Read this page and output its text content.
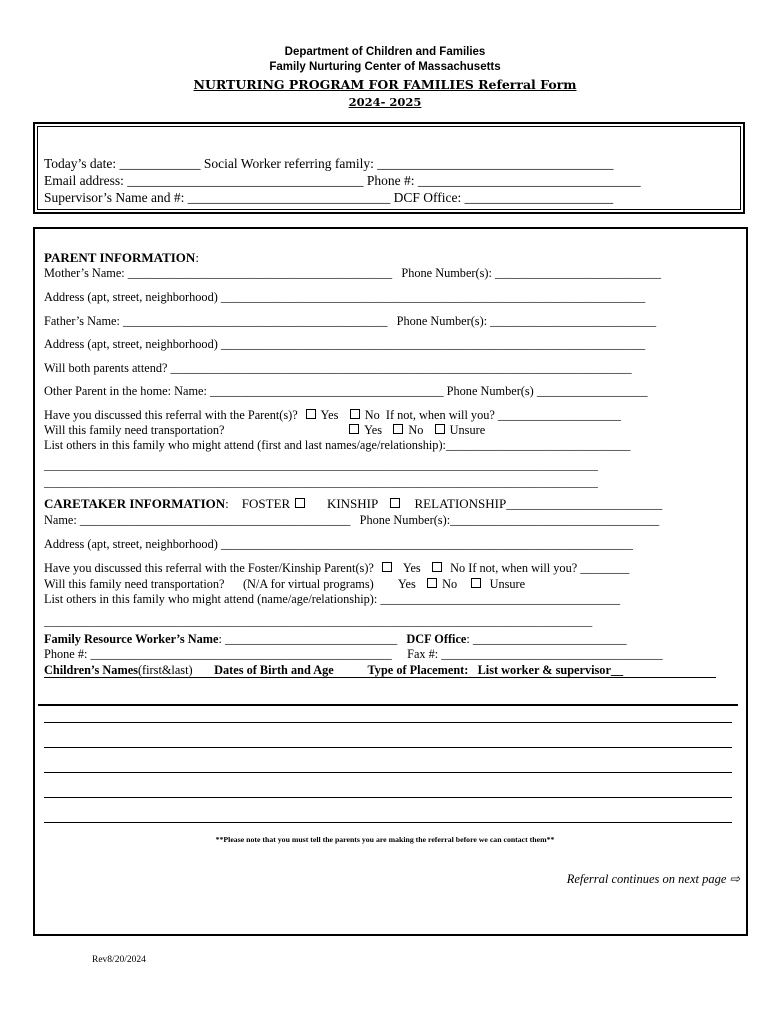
Department of Children and Families
Family Nurturing Center of Massachusetts
NURTURING PROGRAM FOR FAMILIES Referral Form
2024- 2025
Today’s date: ____________ Social Worker referring family: ___________________________________
Email address: ___________________________________ Phone #: _________________________________
Supervisor’s Name and #: ______________________________ DCF Office: ______________________
PARENT INFORMATION:
Mother’s Name: ___________________________________________   Phone Number(s): ___________________________
Address (apt, street, neighborhood) _____________________________________________________________________
Father’s Name: ___________________________________________   Phone Number(s): ___________________________
Address (apt, street, neighborhood) _____________________________________________________________________
Will both parents attend? ___________________________________________________________________________
Other Parent in the home: Name: ______________________________________ Phone Number(s) __________________
Have you discussed this referral with the Parent(s)? Yes No  If not, when will you? ____________________
Will this family need transportation?	Yes No Unsure
List others in this family who might attend (first and last names/age/relationship):______________________________
___________________________________________________________________________________________________
___________________________________________________________________________________________________
CARETAKER INFORMATION:    FOSTER	KINSHIP	RELATIONSHIP________________________
Name: ____________________________________________   Phone Number(s):__________________________________
Address (apt, street, neighborhood) ___________________________________________________________________
Have you discussed this referral with the Foster/Kinship Parent(s)? Yes No If not, when will you? ________
Will this family need transportation?      (N/A for virtual programs) Yes No	Unsure
List others in this family who might attend (name/age/relationship): _______________________________________
__________________________________________________________________________________________________
Family Resource Worker’s Name: ____________________________ DCF Office: _________________________
Phone #: _________________________________________________ Fax #: ____________________________________
Children’s Names(first&last) Dates of Birth and Age	Type of Placement:   List worker & supervisor__
**Please note that you must tell the parents you are making the referral before we can contact them**
Referral continues on next page ⇨
Rev8/20/2024
